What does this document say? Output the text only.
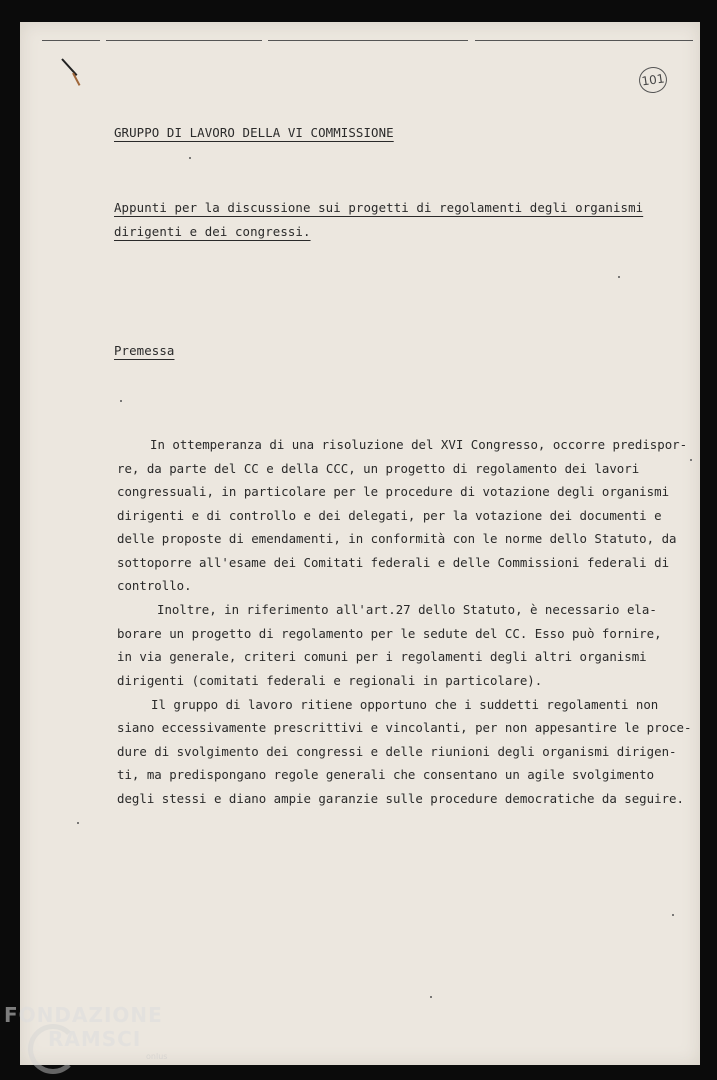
101
GRUPPO DI LAVORO DELLA VI COMMISSIONE
Appunti per la discussione sui progetti di regolamenti degli organismi
dirigenti e dei congressi.
Premessa
In ottemperanza di una risoluzione del XVI Congresso, occorre predispor-
re, da parte del CC e della CCC, un progetto di regolamento dei lavori
congressuali, in particolare per le procedure di votazione degli organismi
dirigenti e di controllo e dei delegati, per la votazione dei documenti e
delle proposte di emendamenti, in conformità con le norme dello Statuto, da
sottoporre all'esame dei Comitati federali e delle Commissioni federali di
controllo.
Inoltre, in riferimento all'art.27 dello Statuto, è necessario ela-
borare un progetto di regolamento per le sedute del CC. Esso può fornire,
in via generale, criteri comuni per i regolamenti degli altri organismi
dirigenti (comitati federali e regionali in particolare).
Il gruppo di lavoro ritiene opportuno che i suddetti regolamenti non
siano eccessivamente prescrittivi e vincolanti, per non appesantire le proce-
dure di svolgimento dei congressi e delle riunioni degli organismi dirigen-
ti, ma predispongano regole generali che consentano un agile svolgimento
degli stessi e diano ampie garanzie sulle procedure democratiche da seguire.
FONDAZIONE
RAMSCI
onlus
